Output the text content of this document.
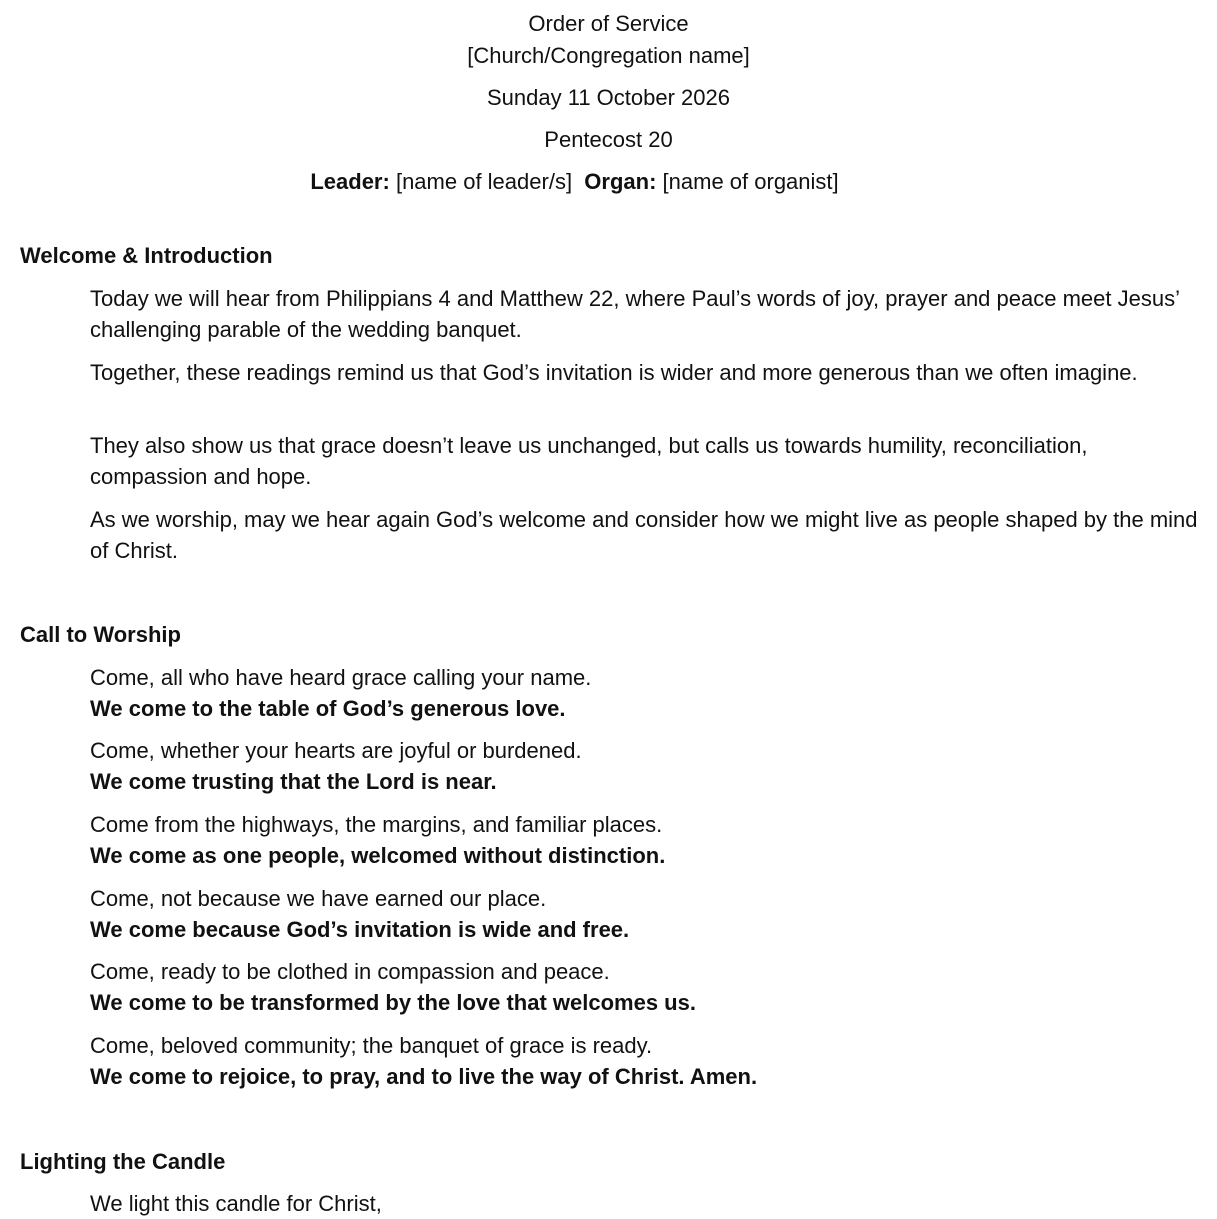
Order of Service
[Church/Congregation name]
Sunday 11 October 2026
Pentecost 20
Leader: [name of leader/s] Organ: [name of organist]
Welcome & Introduction
Today we will hear from Philippians 4 and Matthew 22, where Paul’s words of joy, prayer and peace meet Jesus’ challenging parable of the wedding banquet.
Together, these readings remind us that God’s invitation is wider and more generous than we often imagine.
They also show us that grace doesn’t leave us unchanged, but calls us towards humility, reconciliation, compassion and hope.
As we worship, may we hear again God’s welcome and consider how we might live as people shaped by the mind of Christ.
Call to Worship
Come, all who have heard grace calling your name.
We come to the table of God’s generous love.
Come, whether your hearts are joyful or burdened.
We come trusting that the Lord is near.
Come from the highways, the margins, and familiar places.
We come as one people, welcomed without distinction.
Come, not because we have earned our place.
We come because God’s invitation is wide and free.
Come, ready to be clothed in compassion and peace.
We come to be transformed by the love that welcomes us.
Come, beloved community; the banquet of grace is ready.
We come to rejoice, to pray, and to live the way of Christ. Amen.
Lighting the Candle
We light this candle for Christ,
